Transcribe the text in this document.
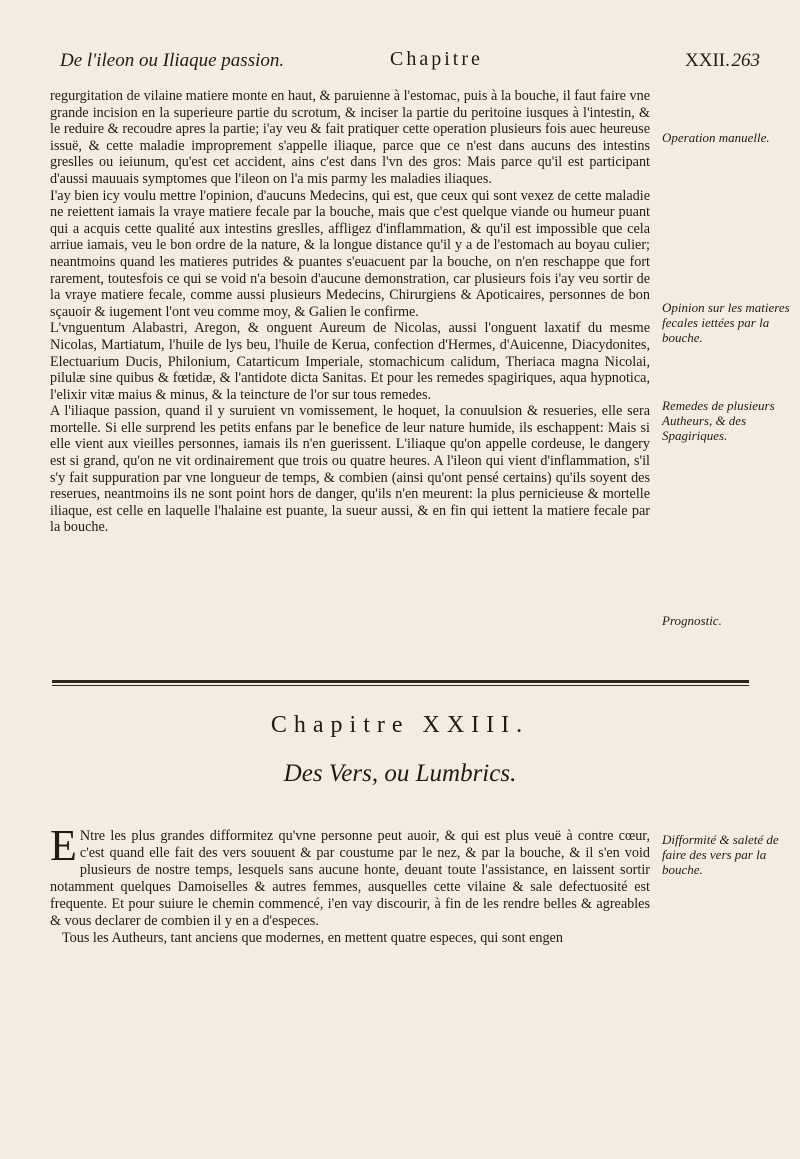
De l'ileon ou Iliaque passion.	Chapitre	XXII. 263

regurgitation de vilaine matiere monte en haut, & paruienne à l'estomac, puis à la bouche, il faut faire vne grande incision en la superieure partie du scrotum, & inciser la partie du peritoine iusques à l'intestin, & le reduire & recoudre apres la partie; i'ay veu & fait pratiquer cette operation plusieurs fois auec heureuse issuë, & cette maladie improprement s'appelle iliaque, parce que ce n'est dans aucuns des intestins greslles ou ieiunum, qu'est cet accident, ains c'est dans l'vn des gros: Mais parce qu'il est participant d'aussi mauuais symptomes que l'ileon on l'a mis parmy les maladies iliaques.

I'ay bien icy voulu mettre l'opinion, d'aucuns Medecins, qui est, que ceux qui sont vexez de cette maladie ne reiettent iamais la vraye matiere fecale par la bouche, mais que c'est quelque viande ou humeur puant qui a acquis cette qualité aux intestins greslles, affligez d'inflammation, & qu'il est impossible que cela arriue iamais, veu le bon ordre de la nature, & la longue distance qu'il y a de l'estomach au boyau culier; neantmoins quand les matieres putrides & puantes s'euacuent par la bouche, on n'en reschappe que fort rarement, toutesfois ce qui se void n'a besoin d'aucune demonstration, car plusieurs fois i'ay veu sortir de la vraye matiere fecale, comme aussi plusieurs Medecins, Chirurgiens & Apoticaires, personnes de bon sçauoir & iugement l'ont veu comme moy, & Galien le confirme.

L'vnguentum Alabastri, Aregon, & onguent Aureum de Nicolas, aussi l'onguent laxatif du mesme Nicolas, Martiatum, l'huile de lys beu, l'huile de Kerua, confection d'Hermes, d'Auicenne, Diacydonites, Electuarium Ducis, Philonium, Catarticum Imperiale, stomachicum calidum, Theriaca magna Nicolai, pilulæ sine quibus & fœtidæ, & l'antidote dicta Sanitas. Et pour les remedes spagiriques, aqua hypnotica, l'elixir vitæ maius & minus, & la teincture de l'or sur tous remedes.

A l'iliaque passion, quand il y suruient vn vomissement, le hoquet, la conuulsion & resueries, elle sera mortelle. Si elle surprend les petits enfans par le benefice de leur nature humide, ils eschappent: Mais si elle vient aux vieilles personnes, iamais ils n'en guerissent. L'iliaque qu'on appelle cordeuse, le dangery est si grand, qu'on ne vit ordinairement que trois ou quatre heures. A l'ileon qui vient d'inflammation, s'il s'y fait suppuration par vne longueur de temps, & combien (ainsi qu'ont pensé certains) qu'ils soyent des reserues, neantmoins ils ne sont point hors de danger, qu'ils n'en meurent: la plus pernicieuse & mortelle iliaque, est celle en laquelle l'halaine est puante, la sueur aussi, & en fin qui iettent la matiere fecale par la bouche.

Operation manuelle.
Opinion sur les matieres fecales iettées par la bouche.
Remedes de plusieurs Autheurs, & des Spagiriques.
Prognostic.
Chapitre XXIII.
Des Vers, ou Lumbrics.
E Ntre les plus grandes difformitez qu'vne personne peut auoir, & qui est plus veuë à contre cœur, c'est quand elle fait des vers souuent & par coustume par le nez, & par la bouche, & il s'en void plusieurs de nostre temps, lesquels sans aucune honte, deuant toute l'assistance, en laissent sortir notamment quelques Damoiselles & autres femmes, ausquelles cette vilaine & sale defectuosité est frequente. Et pour suiure le chemin commencé, i'en vay discourir, à fin de les rendre belles & agreables & vous declarer de combien il y en a d'especes.
Tous les Autheurs, tant anciens que modernes, en mettent quatre especes, qui sont engen
Difformité & saleté de faire des vers par la bouche.
